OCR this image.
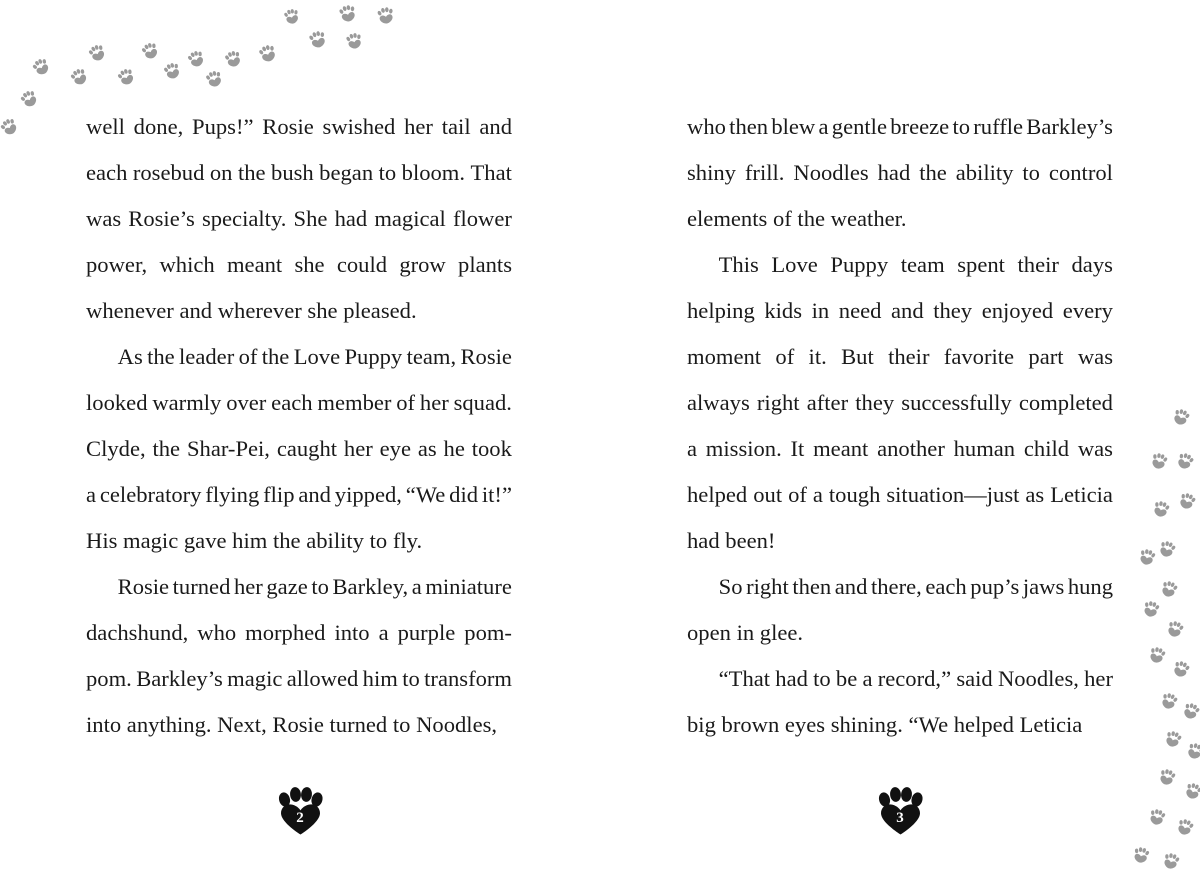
well done, Pups!” Rosie swished her tail and
each rosebud on the bush began to bloom. That
was Rosie’s specialty. She had magical flower
power, which meant she could grow plants
whenever and wherever she pleased.

As the leader of the Love Puppy team, Rosie
looked warmly over each member of her squad.
Clyde, the Shar-Pei, caught her eye as he took
a celebratory flying flip and yipped, “We did it!”
His magic gave him the ability to fly.

Rosie turned her gaze to Barkley, a miniature
dachshund, who morphed into a purple pom-
pom. Barkley’s magic allowed him to transform
into anything. Next, Rosie turned to Noodles,

2

who then blew a gentle breeze to ruffle Barkley’s
shiny frill. Noodles had the ability to control
elements of the weather.

This Love Puppy team spent their days
helping kids in need and they enjoyed every
moment of it. But their favorite part was
always right after they successfully completed
a mission. It meant another human child was
helped out of a tough situation—just as Leticia
had been!

So right then and there, each pup’s jaws hung
open in glee.

“That had to be a record,” said Noodles, her
big brown eyes shining. “We helped Leticia

3
